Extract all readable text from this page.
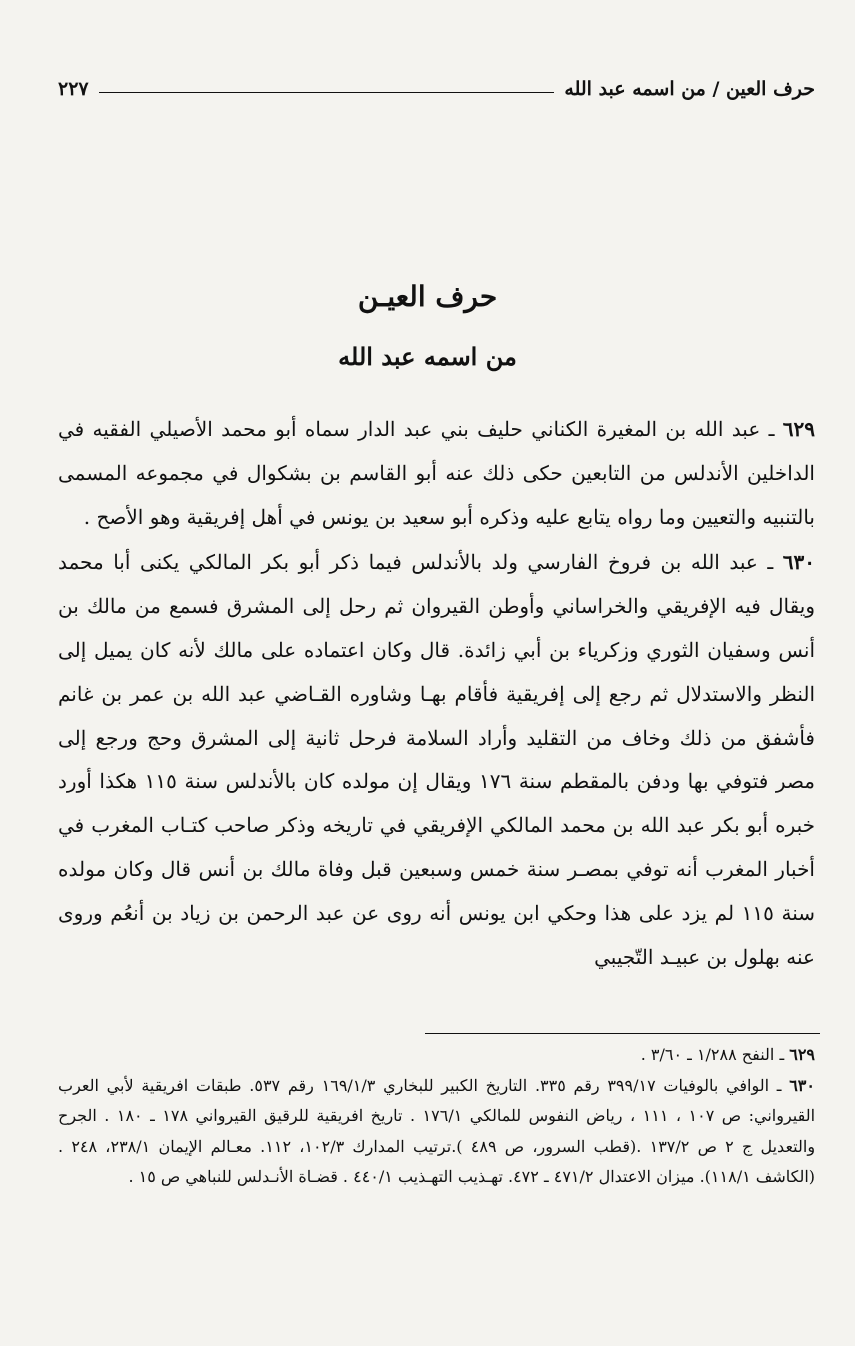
حرف العين / من اسمه عبد الله
٢٢٧
حرف العيـن
من اسمه عبد الله

٦٢٩ ـ عبد الله بن المغيرة الكناني حليف بني عبد الدار سماه أبو محمد الأصيلي الفقيه في الداخلين الأندلس من التابعين حكى ذلك عنه أبو القاسم بن بشكوال في مجموعه المسمى بالتنبيه والتعيين وما رواه يتابع عليه وذكره أبو سعيد بن يونس في أهل إفريقية وهو الأصح .

٦٣٠ ـ عبد الله بن فروخ الفارسي ولد بالأندلس فيما ذكر أبو بكر المالكي يكنى أبا محمد ويقال فيه الإفريقي والخراساني وأوطن القيروان ثم رحل إلى المشرق فسمع من مالك بن أنس وسفيان الثوري وزكرياء بن أبي زائدة. قال وكان اعتماده على مالك لأنه كان يميل إلى النظر والاستدلال ثم رجع إلى إفريقية فأقام بهـا وشاوره القـاضي عبد الله بن عمر بن غانم فأشفق من ذلك وخاف من التقليد وأراد السلامة فرحل ثانية إلى المشرق وحج ورجع إلى مصر فتوفي بها ودفن بالمقطم سنة ١٧٦ ويقال إن مولده كان بالأندلس سنة ١١٥ هكذا أورد خبره أبو بكر عبد الله بن محمد المالكي الإفريقي في تاريخه وذكر صاحب كتـاب المغرب في أخبار المغرب أنه توفي بمصـر سنة خمس وسبعين قبل وفاة مالك بن أنس قال وكان مولده سنة ١١٥ لم يزد على هذا وحكي ابن يونس أنه روى عن عبد الرحمن بن زياد بن أنعُم وروى عنه بهلول بن عبيـد التّجيبي

٦٢٩ ـ النفح ١/٢٨٨ ـ ٣/٦٠ .

٦٣٠ ـ الوافي بالوفيات ٣٩٩/١٧ رقم ٣٣٥. التاريخ الكبير للبخاري ١٦٩/١/٣ رقم ٥٣٧. طبقات افريقية لأبي العرب القيرواني: ص ١٠٧ ، ١١١ ، رياض النفوس للمالكي ١٧٦/١ . تاريخ افريقية للرقيق القيرواني ١٧٨ ـ ١٨٠ . الجرح والتعديل ج ٢ ص ١٣٧/٢ .(قطب السرور، ص ٤٨٩ ).ترتيب المدارك ١٠٢/٣، ١١٢. معـالم الإيمان ٢٣٨/١، ٢٤٨ . (الكاشف ١١٨/١). ميزان الاعتدال ٤٧١/٢ ـ ٤٧٢. تهـذيب التهـذيب ٤٤٠/١ . قضـاة الأنـدلس للنباهي ص ١٥ .
